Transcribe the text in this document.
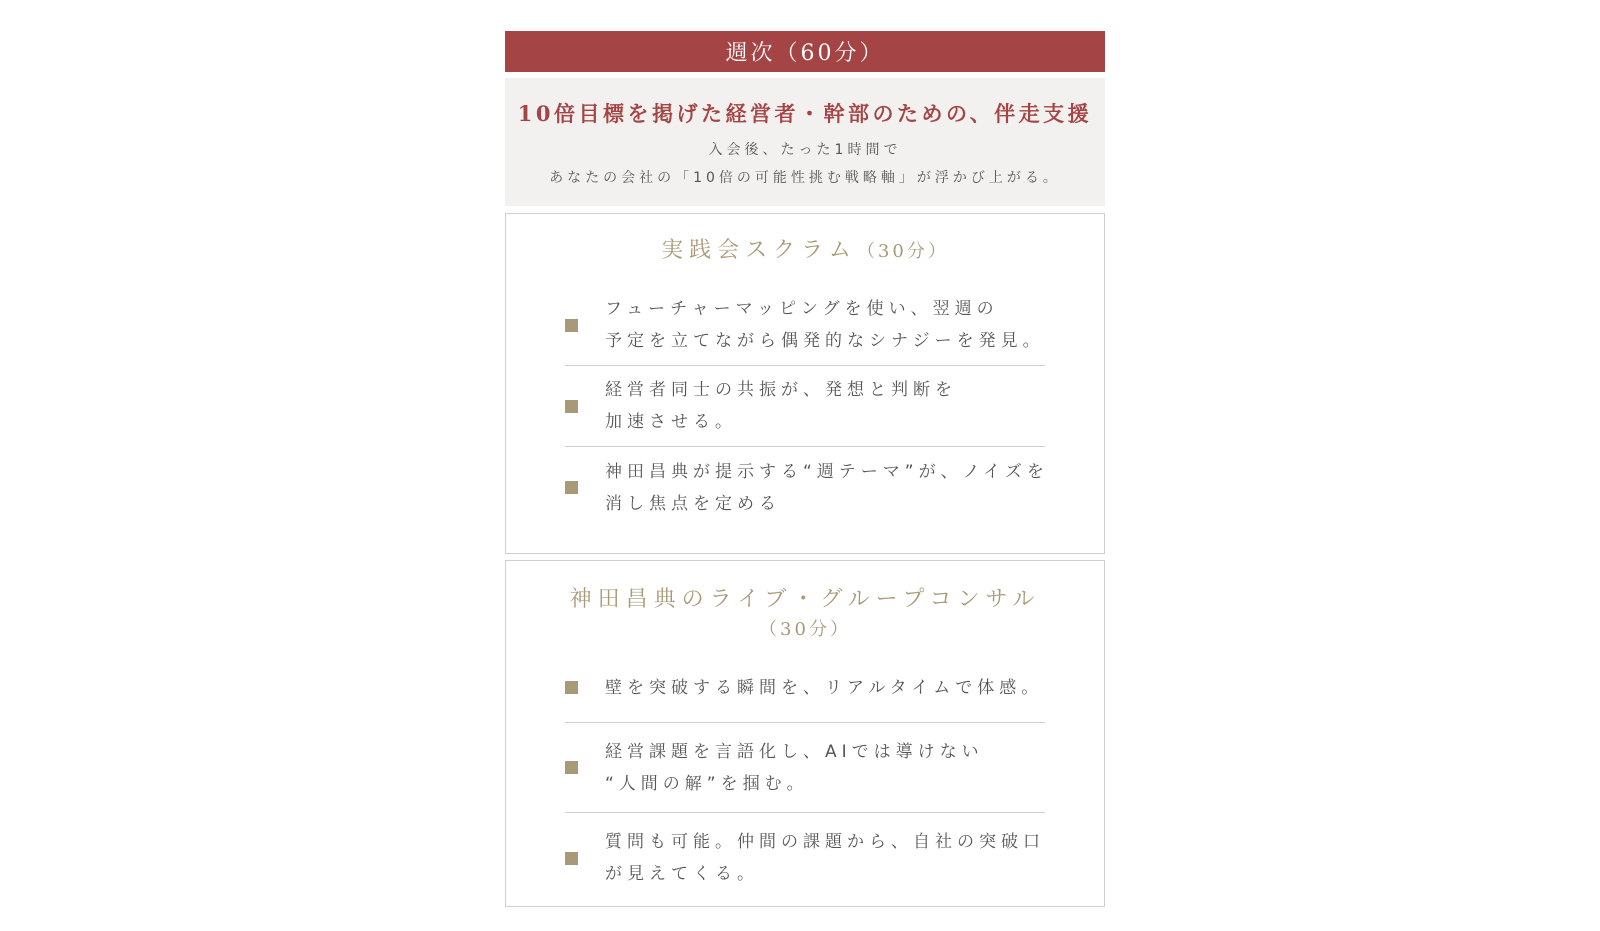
週次（60分）
10倍目標を掲げた経営者・幹部のための、伴走支援
入会後、たった1時間で
あなたの会社の「10倍の可能性挑む戦略軸」が浮かび上がる。
実践会スクラム（30分）
フューチャーマッピングを使い、翌週の
予定を立てながら偶発的なシナジーを発見。
経営者同士の共振が、発想と判断を
加速させる。
神田昌典が提示する“週テーマ”が、ノイズを
消し焦点を定める
神田昌典のライブ・グループコンサル
（30分）
壁を突破する瞬間を、リアルタイムで体感。
経営課題を言語化し、AIでは導けない
“人間の解”を掴む。
質問も可能。仲間の課題から、自社の突破口
が見えてくる。
